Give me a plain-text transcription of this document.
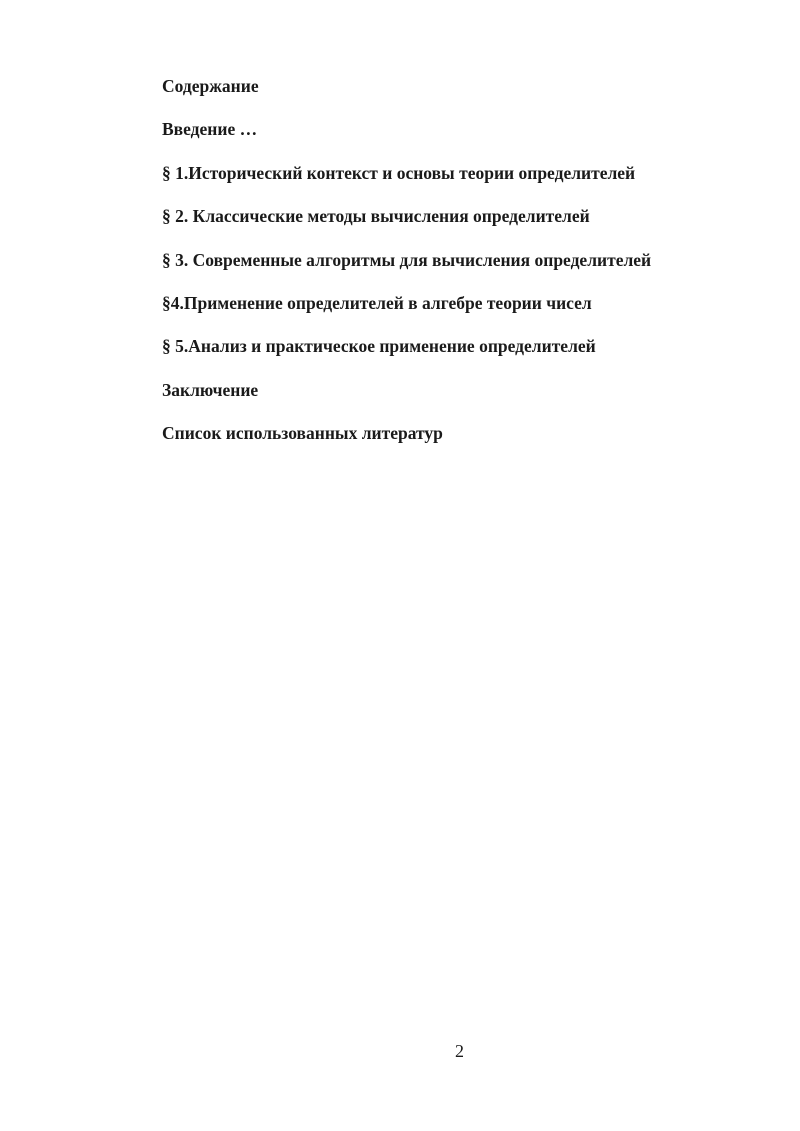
Содержание
Введение …
§ 1.Исторический контекст и основы теории определителей
§ 2. Классические методы вычисления определителей
§ 3. Современные алгоритмы для вычисления определителей
§4.Применение определителей в алгебре теории чисел
§ 5.Анализ и практическое применение определителей
Заключение
Список использованных литератур
2
